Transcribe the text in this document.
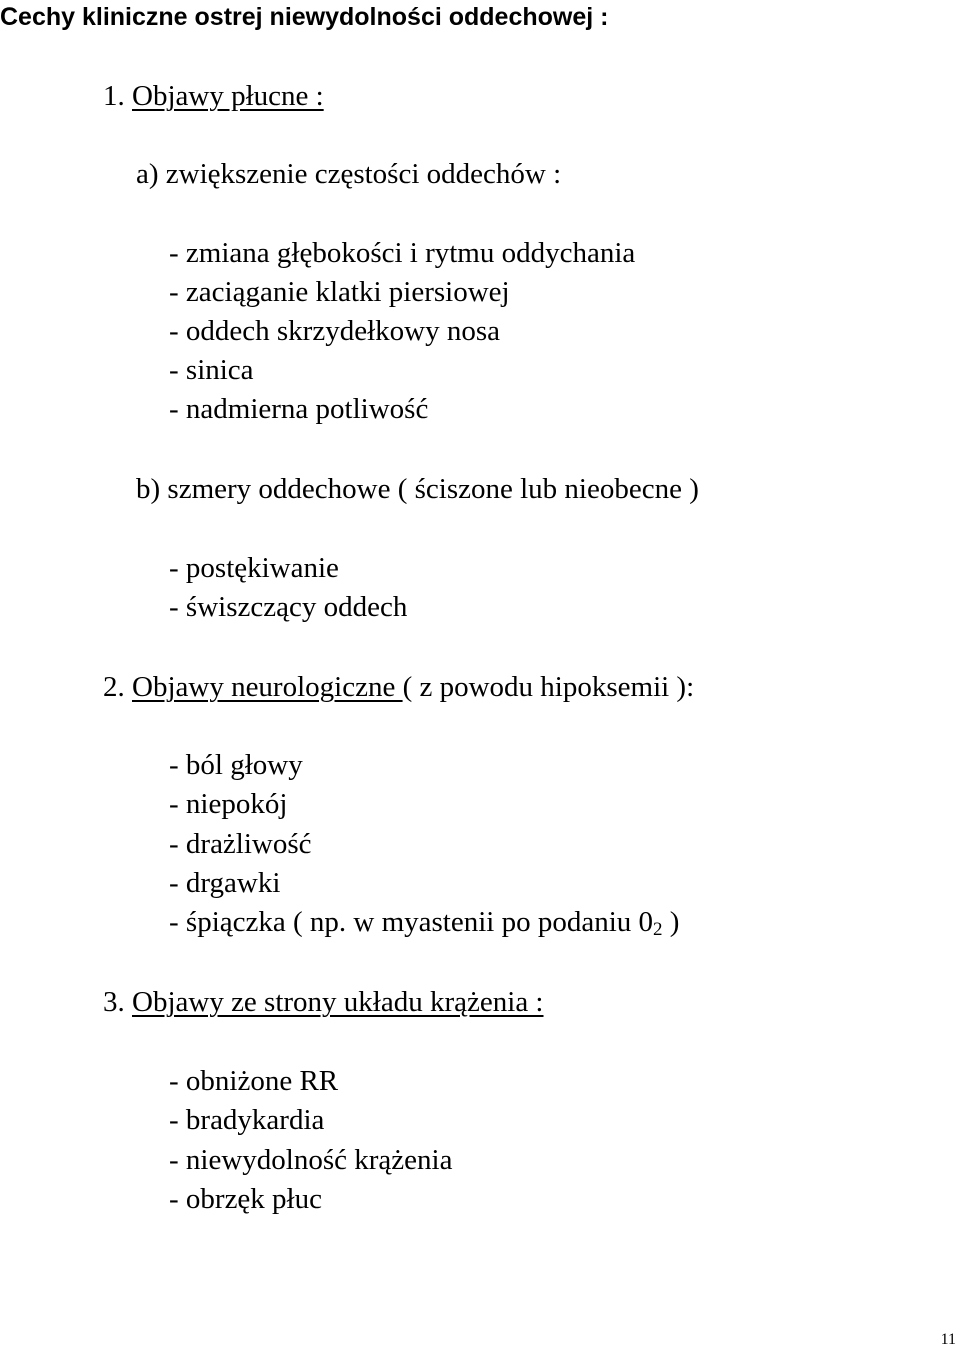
Cechy kliniczne ostrej niewydolności oddechowej :
1. Objawy płucne :
a) zwiększenie częstości oddechów :
- zmiana głębokości i rytmu oddychania
- zaciąganie klatki piersiowej
- oddech skrzydełkowy nosa
- sinica
- nadmierna potliwość
b) szmery oddechowe ( ściszone lub nieobecne )
- postękiwanie
- świszczący oddech
2. Objawy neurologiczne ( z powodu hipoksemii ):
- ból głowy
- niepokój
- drażliwość
- drgawki
- śpiączka ( np. w myastenii po podaniu $0_2$ )
3. Objawy ze strony układu krążenia :
- obniżone RR
- bradykardia
- niewydolność krążenia
- obrzęk płuc
11
